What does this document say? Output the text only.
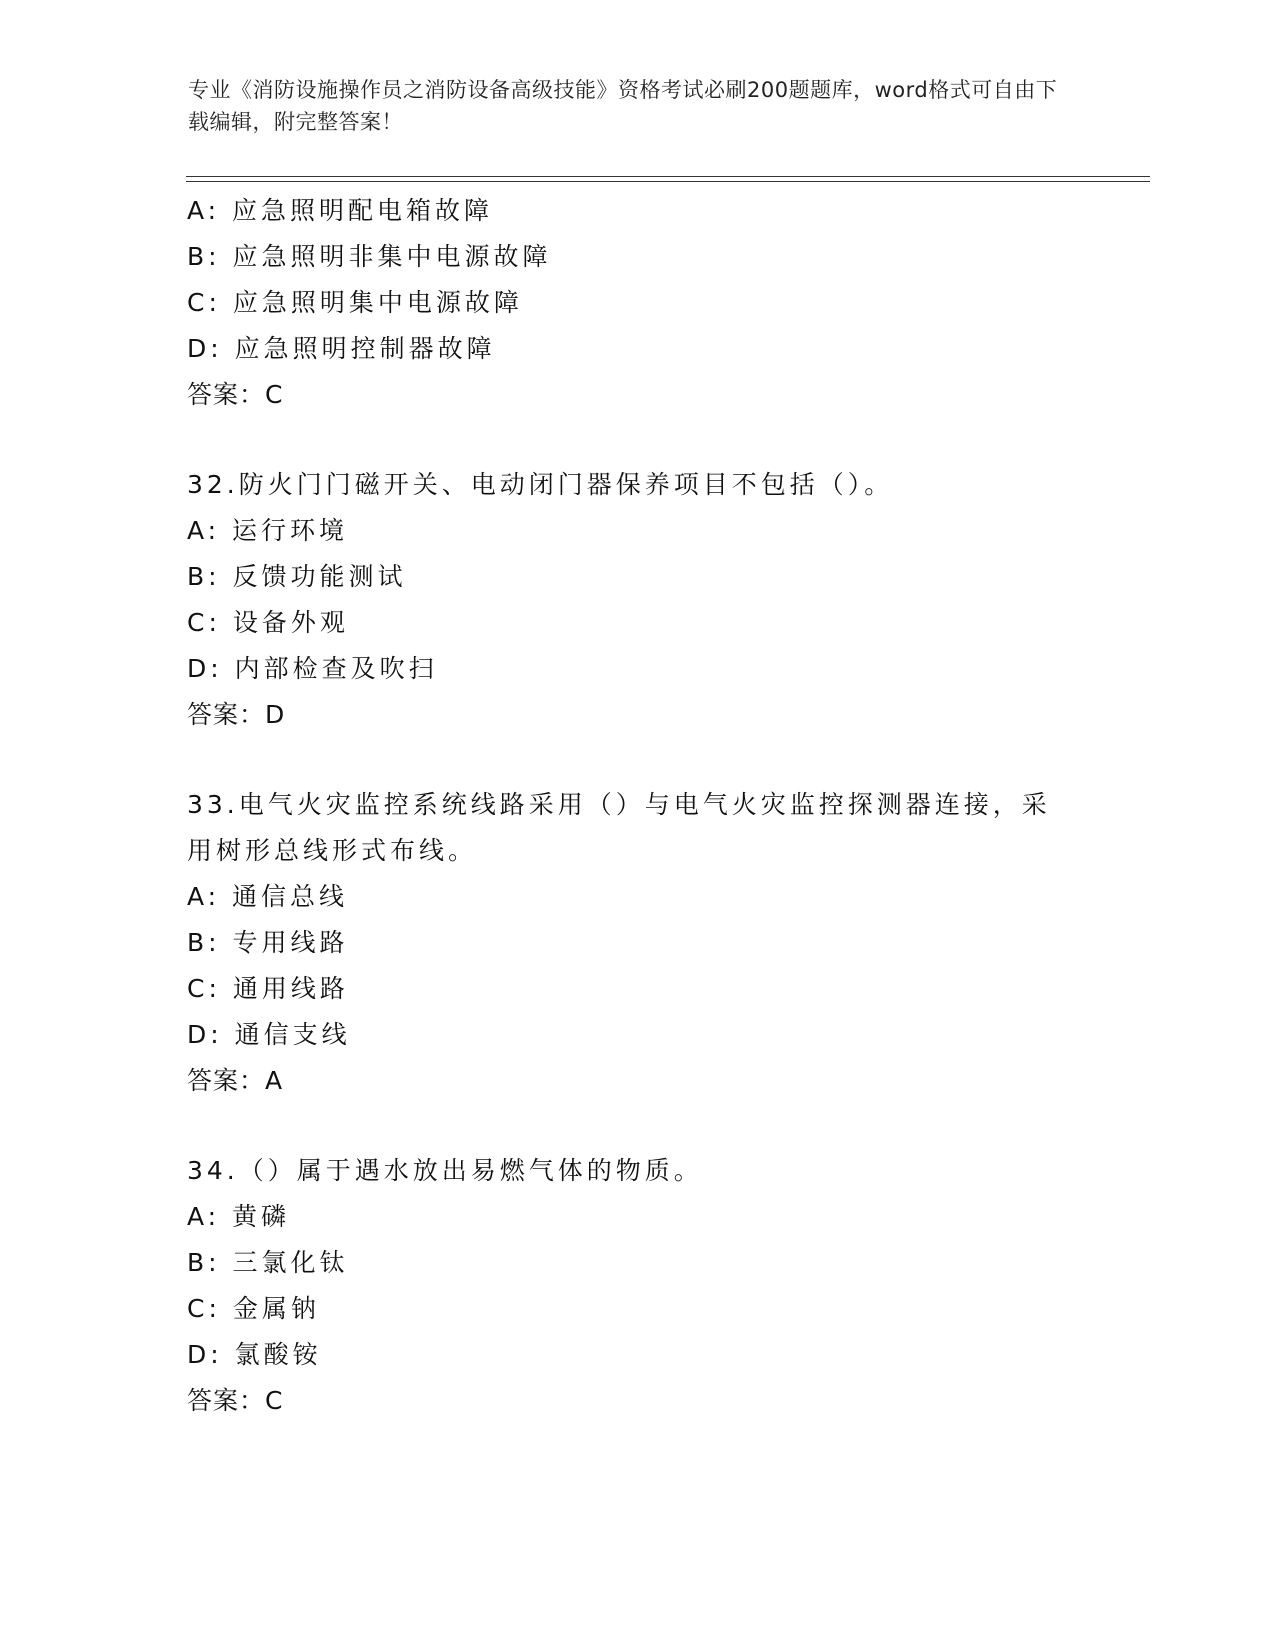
专业《消防设施操作员之消防设备高级技能》资格考试必刷200题题库，word格式可自由下载编辑，附完整答案！
A: 应急照明配电箱故障
B: 应急照明非集中电源故障
C: 应急照明集中电源故障
D: 应急照明控制器故障
答案：C
32.防火门门磁开关、电动闭门器保养项目不包括（）。
A: 运行环境
B: 反馈功能测试
C: 设备外观
D: 内部检查及吹扫
答案：D
33.电气火灾监控系统线路采用（）与电气火灾监控探测器连接，采用树形总线形式布线。
A: 通信总线
B: 专用线路
C: 通用线路
D: 通信支线
答案：A
34.（）属于遇水放出易燃气体的物质。
A: 黄磷
B: 三氯化钛
C: 金属钠
D: 氯酸铵
答案：C
